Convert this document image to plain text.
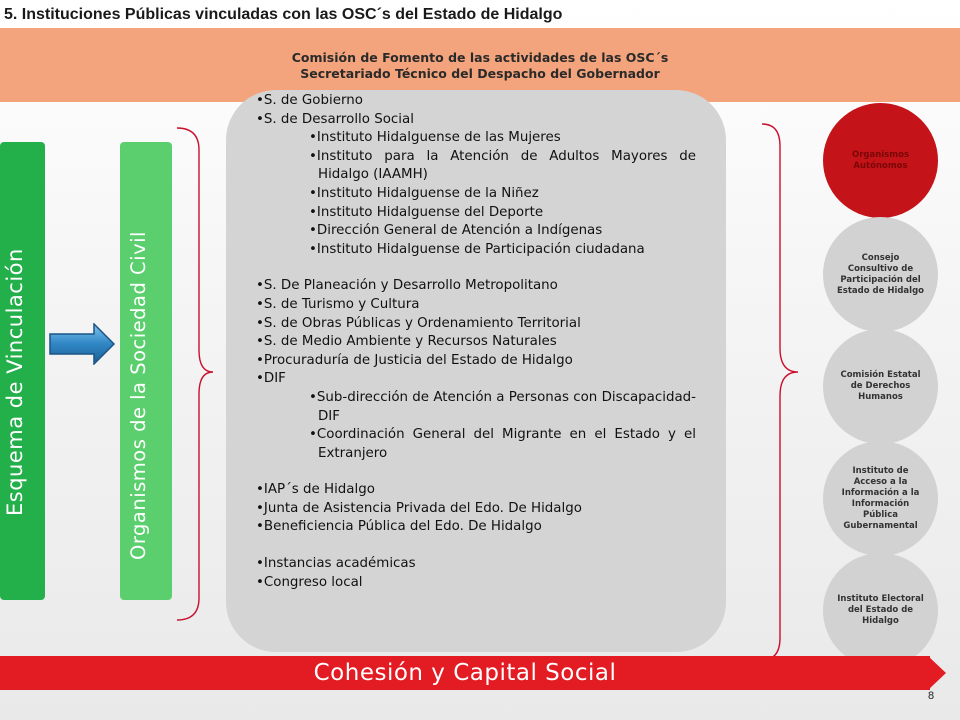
5. Instituciones Públicas vinculadas con las OSC´s del Estado de Hidalgo
Comisión de Fomento de las actividades de las OSC´s
Secretariado Técnico del Despacho del Gobernador
Esquema de Vinculación	Organismos de la Sociedad Civil
•S. de Gobierno
•S. de Desarrollo Social
•Instituto Hidalguense de las Mujeres
•Instituto para la Atención de Adultos Mayores de Hidalgo (IAAMH)
•Instituto Hidalguense de la Niñez
•Instituto Hidalguense del Deporte
•Dirección General de Atención a Indígenas
•Instituto Hidalguense de Participación ciudadana
•S. De Planeación y Desarrollo Metropolitano
•S. de Turismo y Cultura
•S. de Obras Públicas y Ordenamiento Territorial
•S. de Medio Ambiente y Recursos Naturales
•Procuraduría de Justicia del Estado de Hidalgo
•DIF
•Sub-dirección de Atención a Personas con Discapacidad-DIF
•Coordinación General del Migrante en el Estado y el Extranjero
•IAP´s de Hidalgo
•Junta de Asistencia Privada del Edo. De Hidalgo
•Beneficiencia Pública del Edo. De Hidalgo
•Instancias académicas
•Congreso local
Organismos Autónomos
Consejo Consultivo de Participación del Estado de Hidalgo
Comisión Estatal de Derechos Humanos
Instituto de Acceso a la Información a la Información Pública Gubernamental
Instituto Electoral del Estado de Hidalgo
Cohesión y Capital Social
8
